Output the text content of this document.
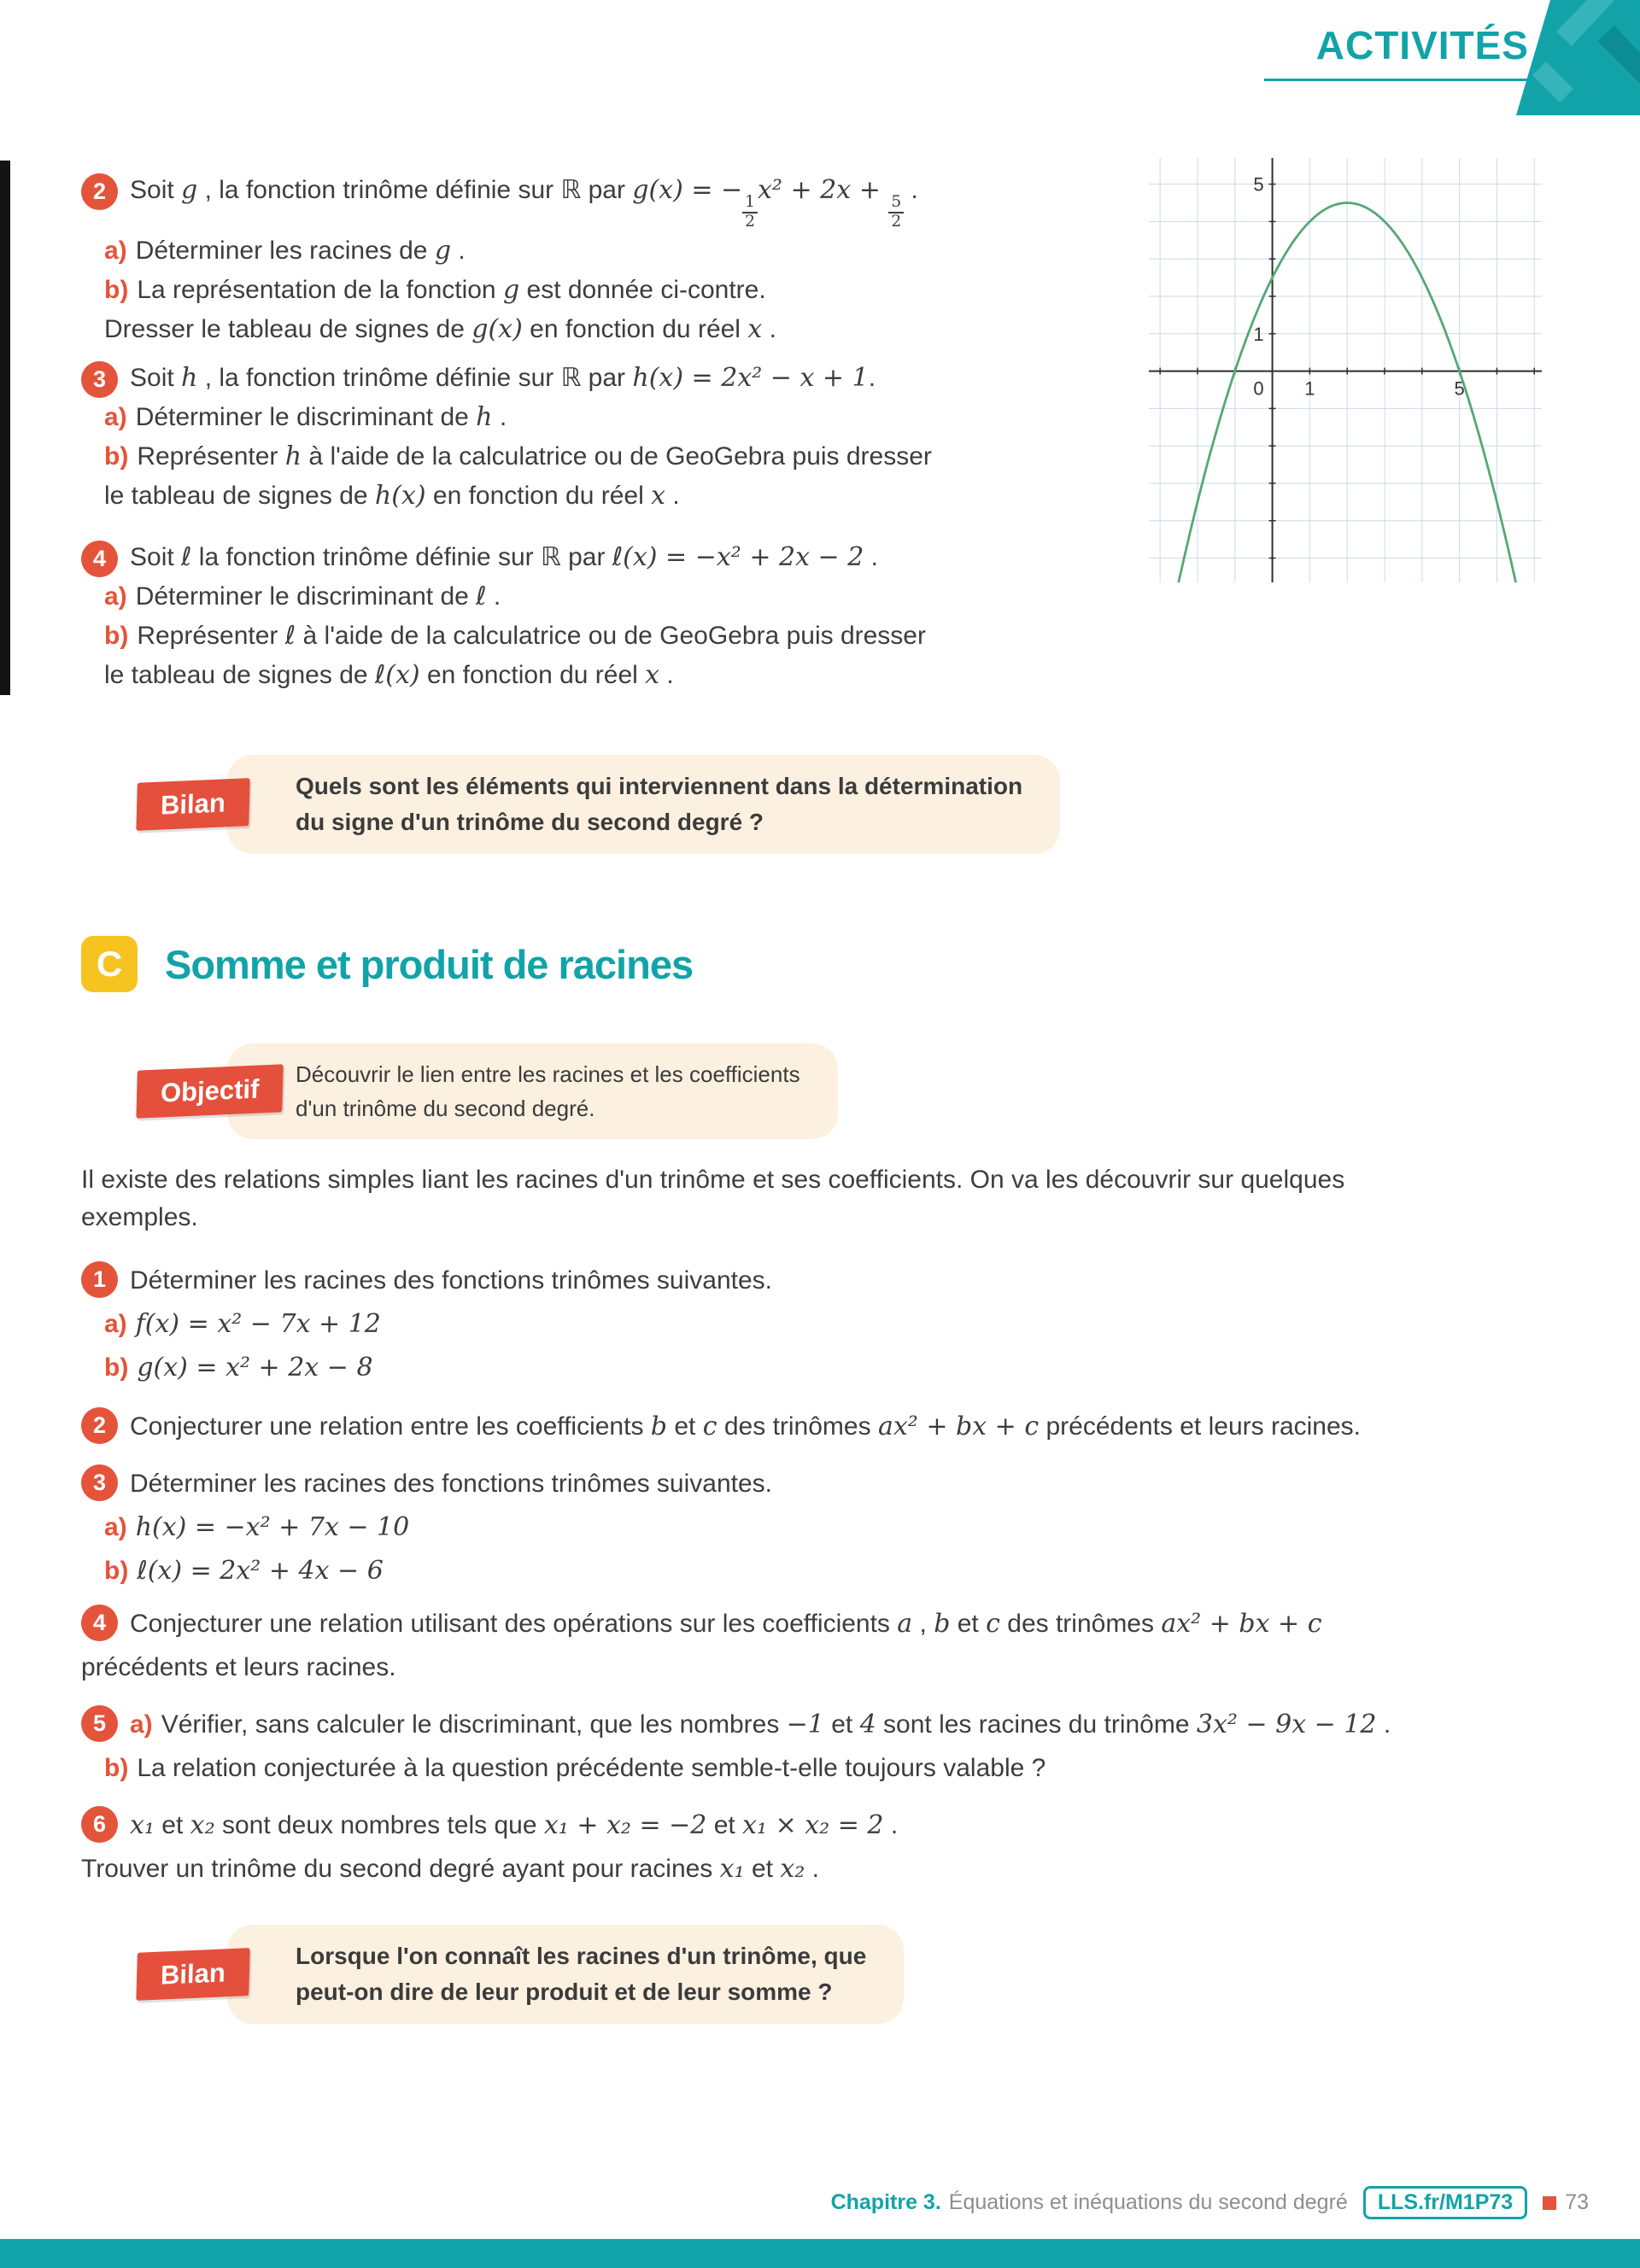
ACTIVITÉS
0 1	5
1
5
2 Soit g , la fonction trinôme définie sur ℝ par g(x) = −
$\frac{1}{2}$
x² + 2x +
$\frac{5}{2}$
.
a) Déterminer les racines de g .
b) La représentation de la fonction g est donnée ci-contre.
Dresser le tableau de signes de g(x) en fonction du réel x .
3 Soit h , la fonction trinôme définie sur ℝ par h(x) = 2x² − x + 1.
a) Déterminer le discriminant de h .
b) Représenter h à l'aide de la calculatrice ou de GeoGebra puis dresser
le tableau de signes de h(x) en fonction du réel x .
4 Soit ℓ la fonction trinôme définie sur ℝ par ℓ(x) = −x² + 2x − 2 .
a) Déterminer le discriminant de ℓ .
b) Représenter ℓ à l'aide de la calculatrice ou de GeoGebra puis dresser
le tableau de signes de ℓ(x) en fonction du réel x .

Quels sont les éléments qui interviennent dans la détermination

du signe d'un trinôme du second degré ?

Bilan
C	Somme et produit de racines

Découvrir le lien entre les racines et les coefficients

d'un trinôme du second degré.

Objectif

Il existe des relations simples liant les racines d'un trinôme et ses coefficients. On va les découvrir sur quelques

exemples.

1 Déterminer les racines des fonctions trinômes suivantes.
a) f(x) = x² − 7x + 12
b) g(x) = x² + 2x − 8
2 Conjecturer une relation entre les coefficients b et c des trinômes ax² + bx + c précédents et leurs racines.
3 Déterminer les racines des fonctions trinômes suivantes.
a) h(x) = −x² + 7x − 10
b) ℓ(x) = 2x² + 4x − 6
4 Conjecturer une relation utilisant des opérations sur les coefficients a , b et c des trinômes ax² + bx + c
précédents et leurs racines.
5 a) Vérifier, sans calculer le discriminant, que les nombres −1 et 4 sont les racines du trinôme 3x² − 9x − 12 .
b) La relation conjecturée à la question précédente semble-t-elle toujours valable ?
6 x₁ et x₂ sont deux nombres tels que x₁ + x₂ = −2 et x₁ × x₂ = 2 .
Trouver un trinôme du second degré ayant pour racines x₁ et x₂ .

Lorsque l'on connaît les racines d'un trinôme, que

peut-on dire de leur produit et de leur somme ?

Bilan
Chapitre 3. Équations et inéquations du second degré	LLS.fr/M1P73	73
